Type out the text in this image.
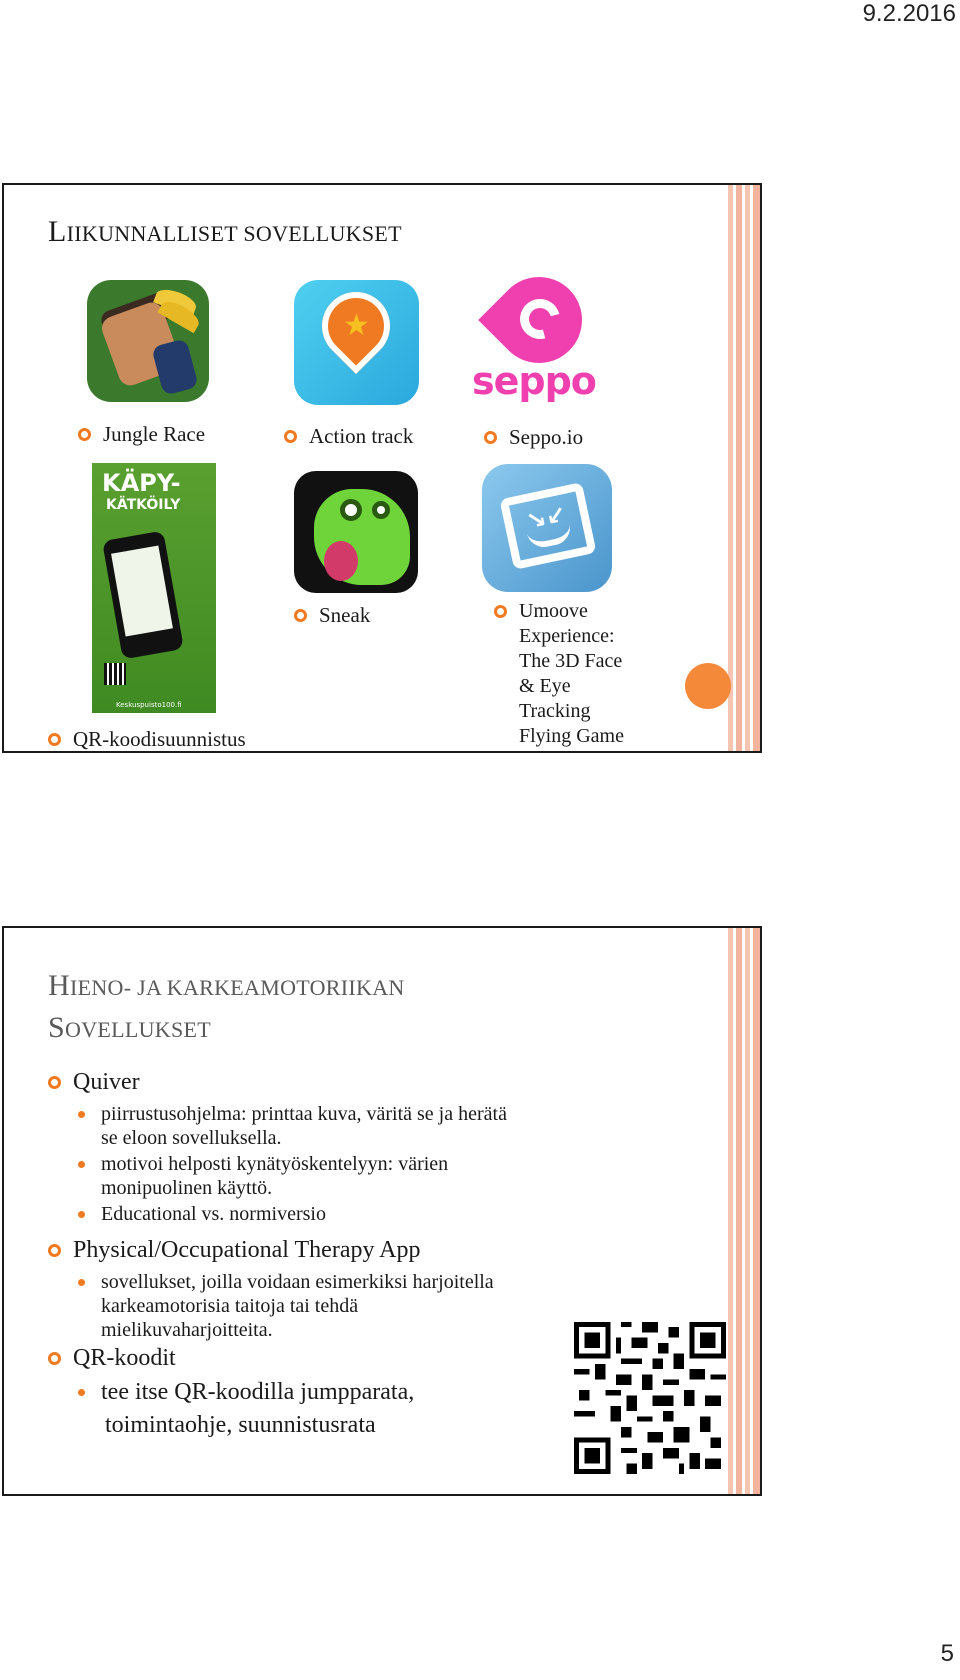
9.2.2016
LIIKUNNALLISET SOVELLUKSET
★
seppo
Jungle Race	Action track	Seppo.io
KÄPY-
KÄTKÖILY
Keskuspuisto100.fi
↘↙
Sneak	Umoove
Experience:
The 3D Face
& Eye
Tracking
Flying Game
QR-koodisuunnistus
HIENO- JA KARKEAMOTORIIKAN
SOVELLUKSET
Quiver
piirrustusohjelma: printtaa kuva, väritä se ja herätä
se eloon sovelluksella.
motivoi helposti kynätyöskentelyyn: värien
monipuolinen käyttö.
Educational vs. normiversio
Physical/Occupational Therapy App
sovellukset, joilla voidaan esimerkiksi harjoitella
karkeamotorisia taitoja tai tehdä
mielikuvaharjoitteita.
QR-koodit
tee itse QR-koodilla jumpparata,
toimintaohje, suunnistusrata
5
